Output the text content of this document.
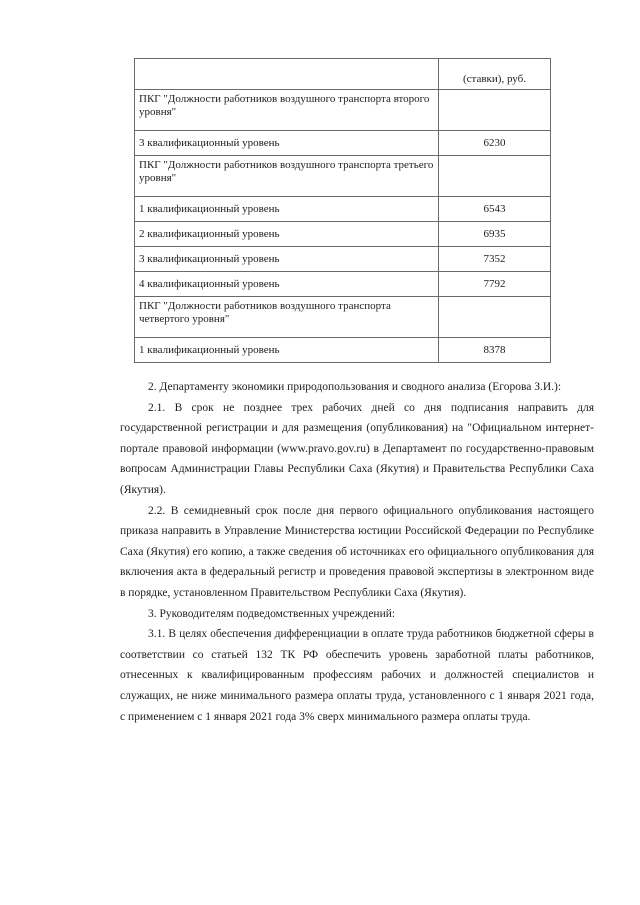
	(ставки), руб.
ПКГ "Должности работников воздушного транспорта второго уровня"	
3 квалификационный уровень	6230
ПКГ "Должности работников воздушного транспорта третьего уровня"	
1 квалификационный уровень	6543
2 квалификационный уровень	6935
3 квалификационный уровень	7352
4 квалификационный уровень	7792
ПКГ "Должности работников воздушного транспорта четвертого уровня"	
1 квалификационный уровень	8378

2. Департаменту экономики природопользования и сводного анализа (Егорова З.И.):

2.1. В срок не позднее трех рабочих дней со дня подписания направить для государственной регистрации и для размещения (опубликования) на "Официальном интернет-портале правовой информации (www.pravo.gov.ru) в Департамент по государственно-правовым вопросам Администрации Главы Республики Саха (Якутия) и Правительства Республики Саха (Якутия).

2.2. В семидневный срок после дня первого официального опубликования настоящего приказа направить в Управление Министерства юстиции Российской Федерации по Республике Саха (Якутия) его копию, а также сведения об источниках его официального опубликования для включения акта в федеральный регистр и проведения правовой экспертизы в электронном виде в порядке, установленном Правительством Республики Саха (Якутия).

3. Руководителям подведомственных учреждений:

3.1. В целях обеспечения дифференциации в оплате труда работников бюджетной сферы в соответствии со статьей 132 ТК РФ обеспечить уровень заработной платы работников, отнесенных к квалифицированным профессиям рабочих и должностей специалистов и служащих, не ниже минимального размера оплаты труда, установленного с 1 января 2021 года, с применением с 1 января 2021 года 3% сверх минимального размера оплаты труда.
